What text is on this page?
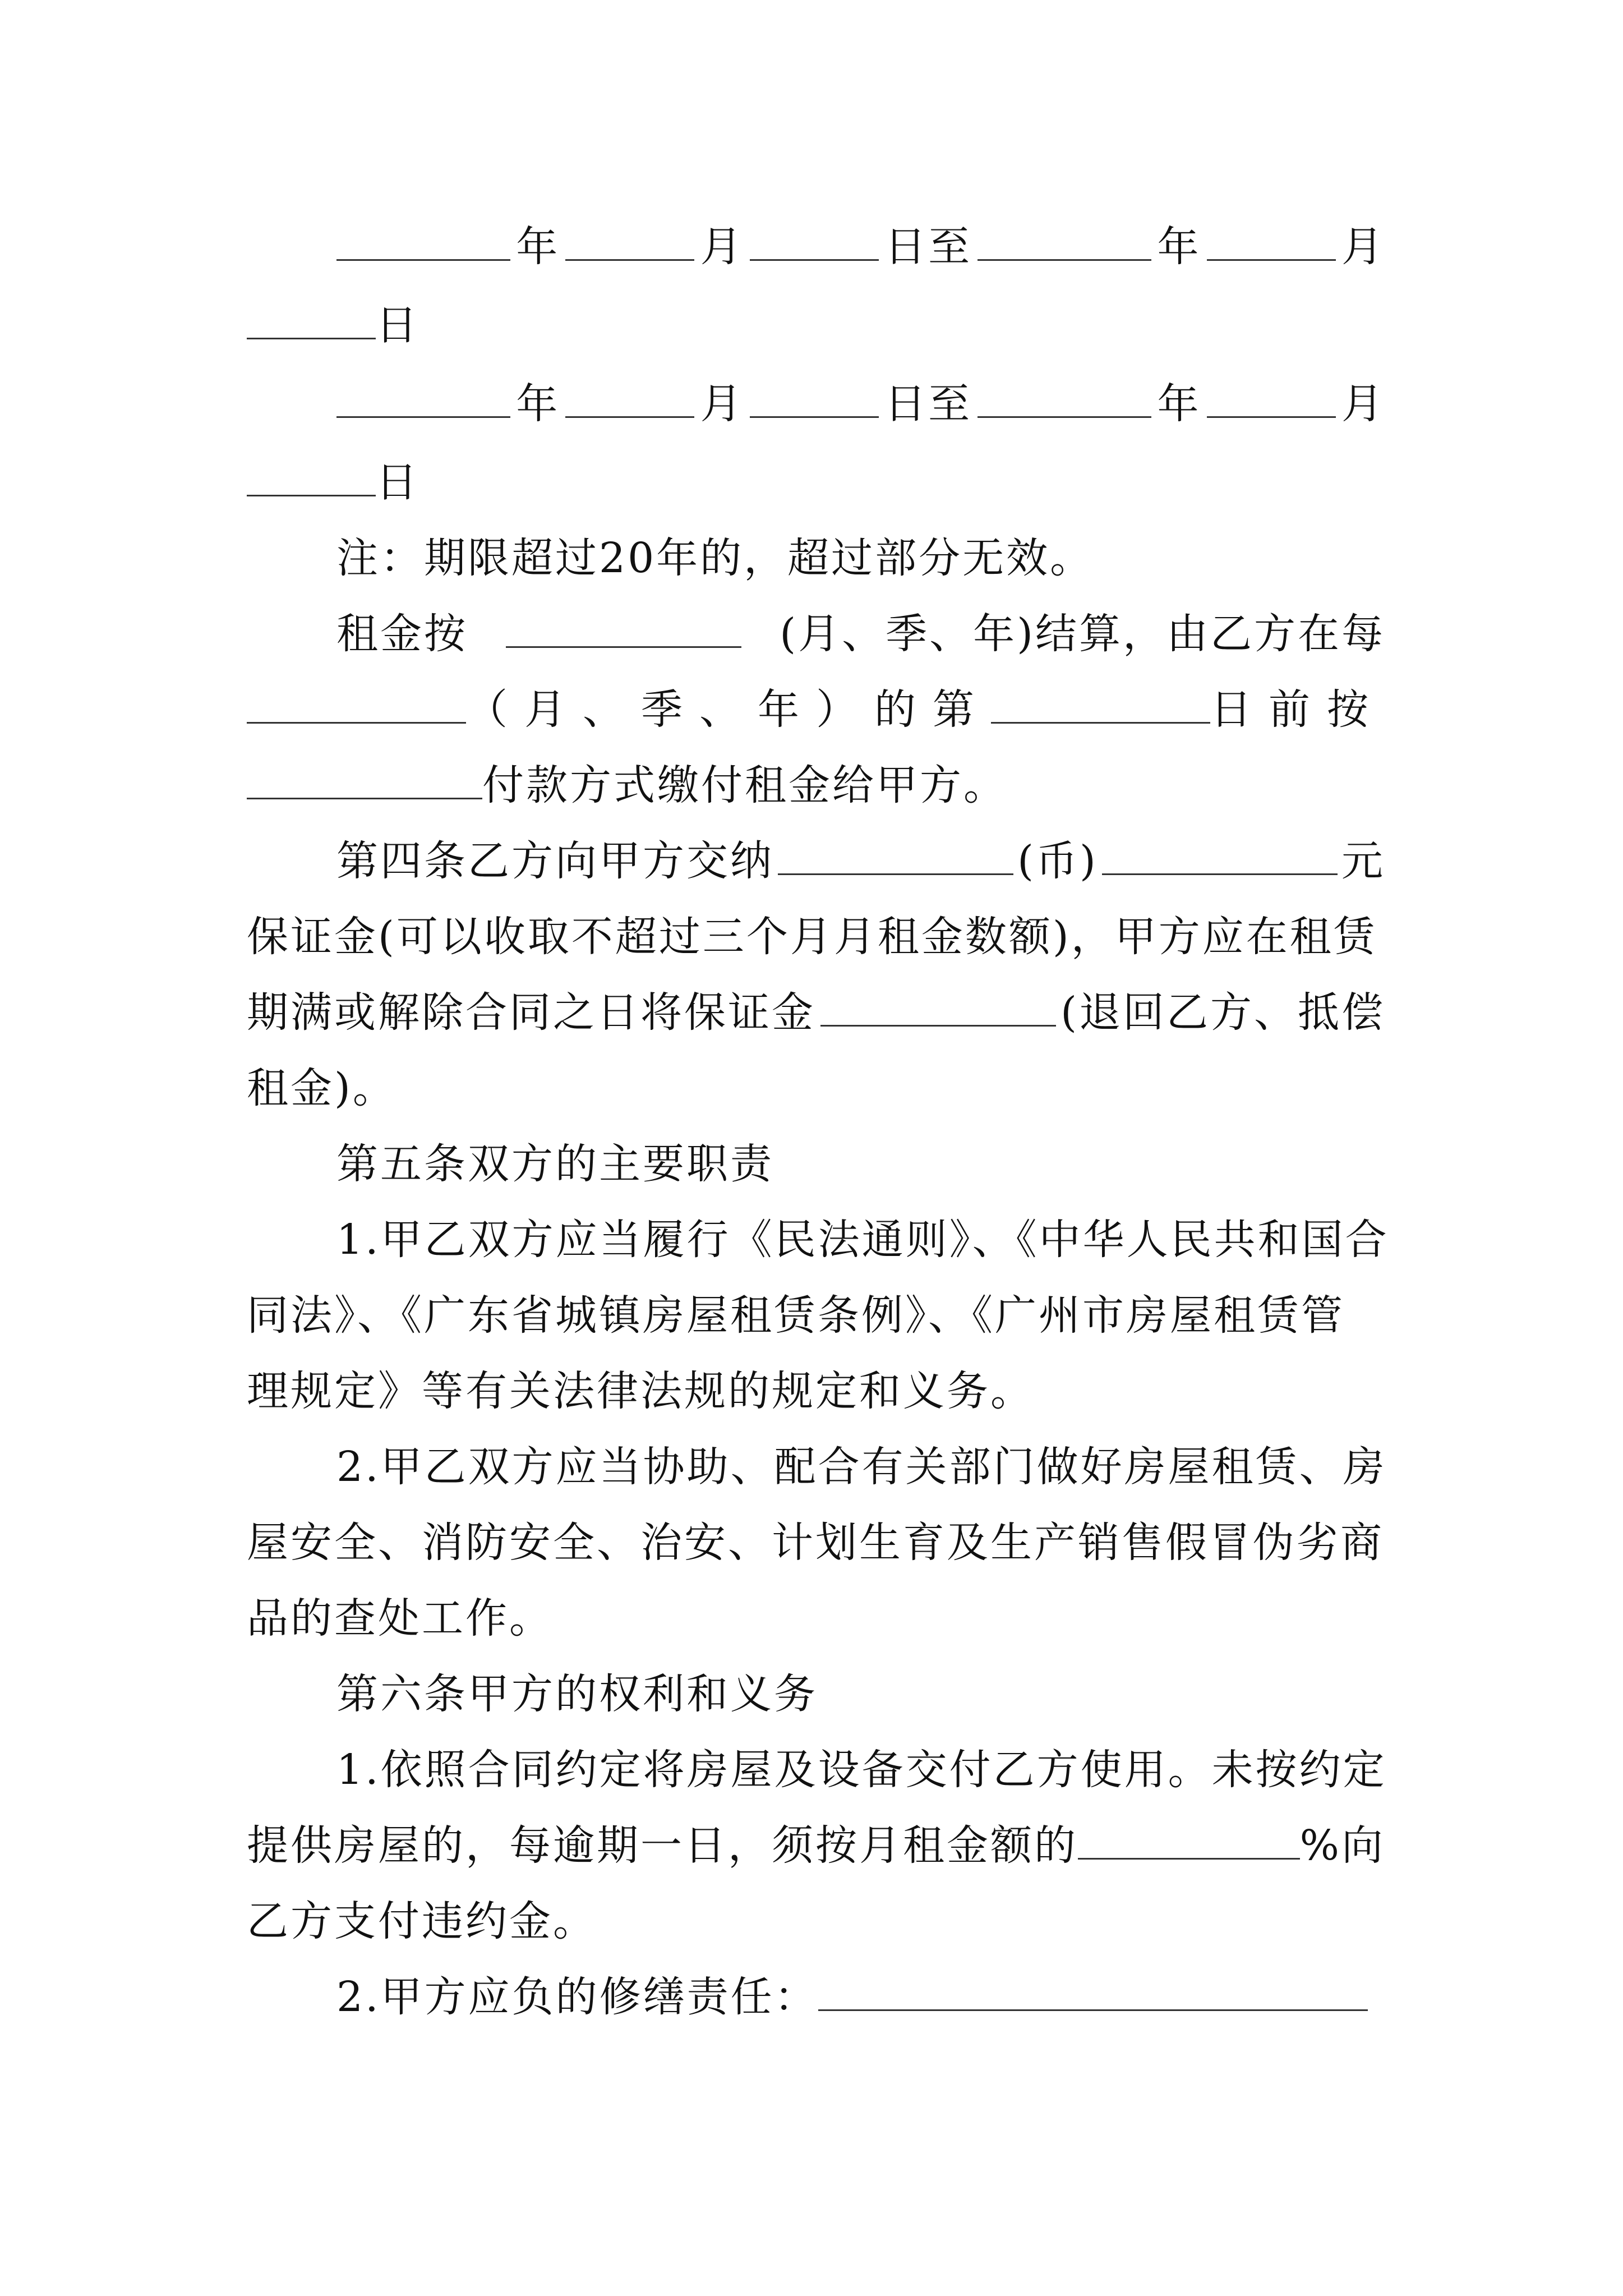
年	月	日至	年	月
日
年	月	日至	年	月
日
注：期限超过20年的，超过部分无效。
租金按	(月、季、年)结算，由乙方在每
（月、季、年）的第	日前按
付款方式缴付租金给甲方。
第四条乙方向甲方交纳	(币)	元
保证金(可以收取不超过三个月月租金数额)，甲方应在租赁
期满或解除合同之日将保证金	(退回乙方、抵偿
租金)。
第五条双方的主要职责
1.甲乙双方应当履行《民法通则》、《中华人民共和国合
同法》、《广东省城镇房屋租赁条例》、《广州市房屋租赁管
理规定》等有关法律法规的规定和义务。
2.甲乙双方应当协助、配合有关部门做好房屋租赁、房
屋安全、消防安全、治安、计划生育及生产销售假冒伪劣商
品的查处工作。
第六条甲方的权利和义务
1.依照合同约定将房屋及设备交付乙方使用。未按约定
提供房屋的，每逾期一日，须按月租金额的	%向
乙方支付违约金。
2.甲方应负的修缮责任：
